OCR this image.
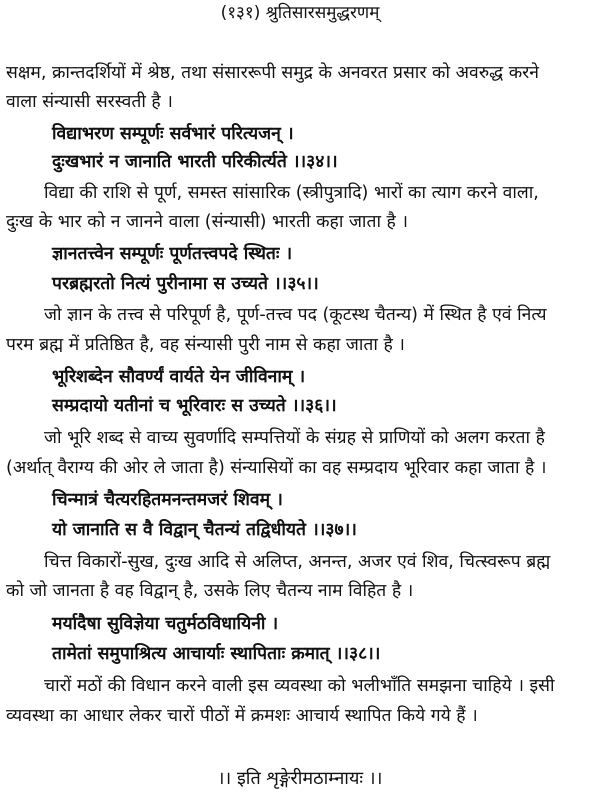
(१३१) श्रुतिसारसमुद्धरणम्
सक्षम, क्रान्तदर्शियों में श्रेष्ठ, तथा संसाररूपी समुद्र के अनवरत प्रसार को अवरुद्ध करने
वाला संन्यासी सरस्वती है ।
विद्याभरण सम्पूर्णः सर्वभारं परित्यजन् ।
दुःखभारं न जानाति भारती परिकीर्त्यते ।।३४।।
विद्या की राशि से पूर्ण, समस्त सांसारिक (स्त्रीपुत्रादि) भारों का त्याग करने वाला,
दुःख के भार को न जानने वाला (संन्यासी) भारती कहा जाता है ।
ज्ञानतत्त्वेन सम्पूर्णः पूर्णतत्त्वपदे स्थितः ।
परब्रह्मरतो नित्यं पुरीनामा स उच्यते ।।३५।।
जो ज्ञान के तत्त्व से परिपूर्ण है, पूर्ण-तत्त्व पद (कूटस्थ चैतन्य) में स्थित है एवं नित्य
परम ब्रह्म में प्रतिष्ठित है, वह संन्यासी पुरी नाम से कहा जाता है ।
भूरिशब्देन सौवर्ण्यं वार्यते येन जीविनाम् ।
सम्प्रदायो यतीनां च भूरिवारः स उच्यते ।।३६।।
जो भूरि शब्द से वाच्य सुवर्णादि सम्पत्तियों के संग्रह से प्राणियों को अलग करता है
(अर्थात् वैराग्य की ओर ले जाता है) संन्यासियों का वह सम्प्रदाय भूरिवार कहा जाता है ।
चिन्मात्रं चैत्यरहितमनन्तमजरं शिवम् ।
यो जानाति स वै विद्वान् चैतन्यं तद्विधीयते ।।३७।।
चित्त विकारों-सुख, दुःख आदि से अलिप्त, अनन्त, अजर एवं शिव, चित्स्वरूप ब्रह्म
को जो जानता है वह विद्वान् है, उसके लिए चैतन्य नाम विहित है ।
मर्यादैषा सुविज्ञेया चतुर्मठविधायिनी ।
तामेतां समुपाश्रित्य आचार्याः स्थापिताः क्रमात् ।।३८।।
चारों मठों की विधान करने वाली इस व्यवस्था को भलीभाँति समझना चाहिये । इसी
व्यवस्था का आधार लेकर चारों पीठों में क्रमशः आचार्य स्थापित किये गये हैं ।
।। इति शृङ्गेरीमठाम्नायः ।।
